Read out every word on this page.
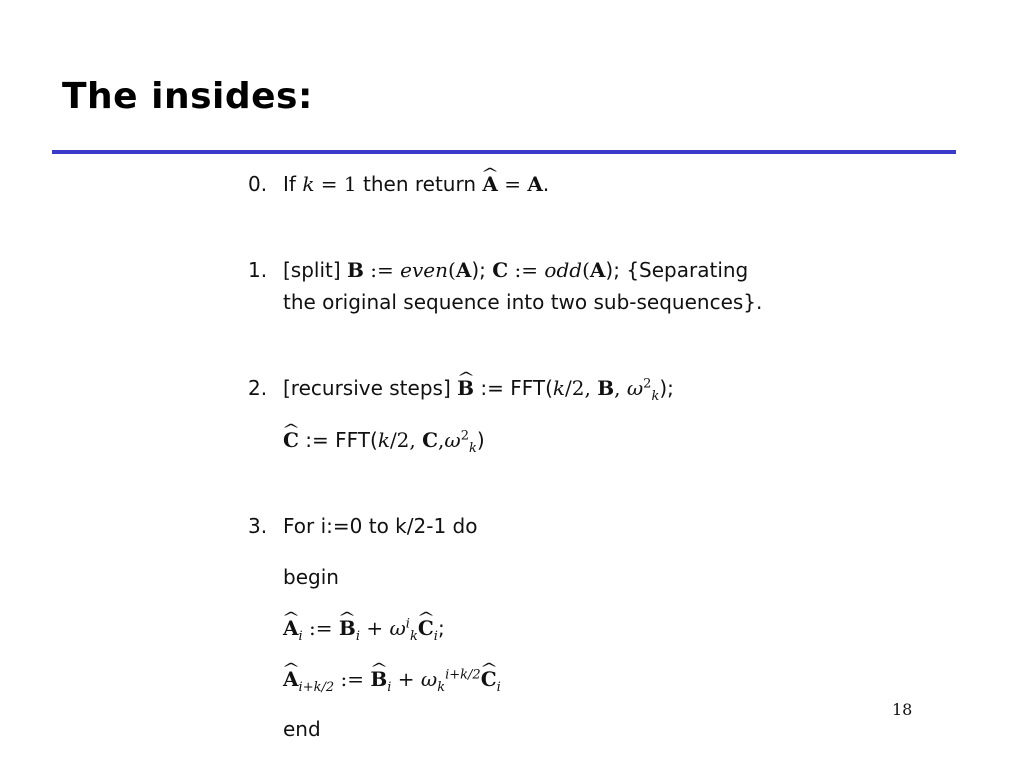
The insides:
0. If k = 1 then return ^ A = A.
1. [split] B := even(A); C := odd(A); {Separating
the original sequence into two sub-sequences}.
2. [recursive steps] ^ B := FFT(k/2, B, $\omega^2_k$);
^ C := FFT(k/2, $C,\omega^2_k$)
3. For i:=0 to k/2-1 do
begin
^ $A_i$ := ^ $B_i$ + $\omega^i_k\^{}$ $C_i$;
^ $A_{i+k/2}$ := ^ $B_i$ + $\omega_k^{i+k/2}\^{}$ $C_i$
end
18
